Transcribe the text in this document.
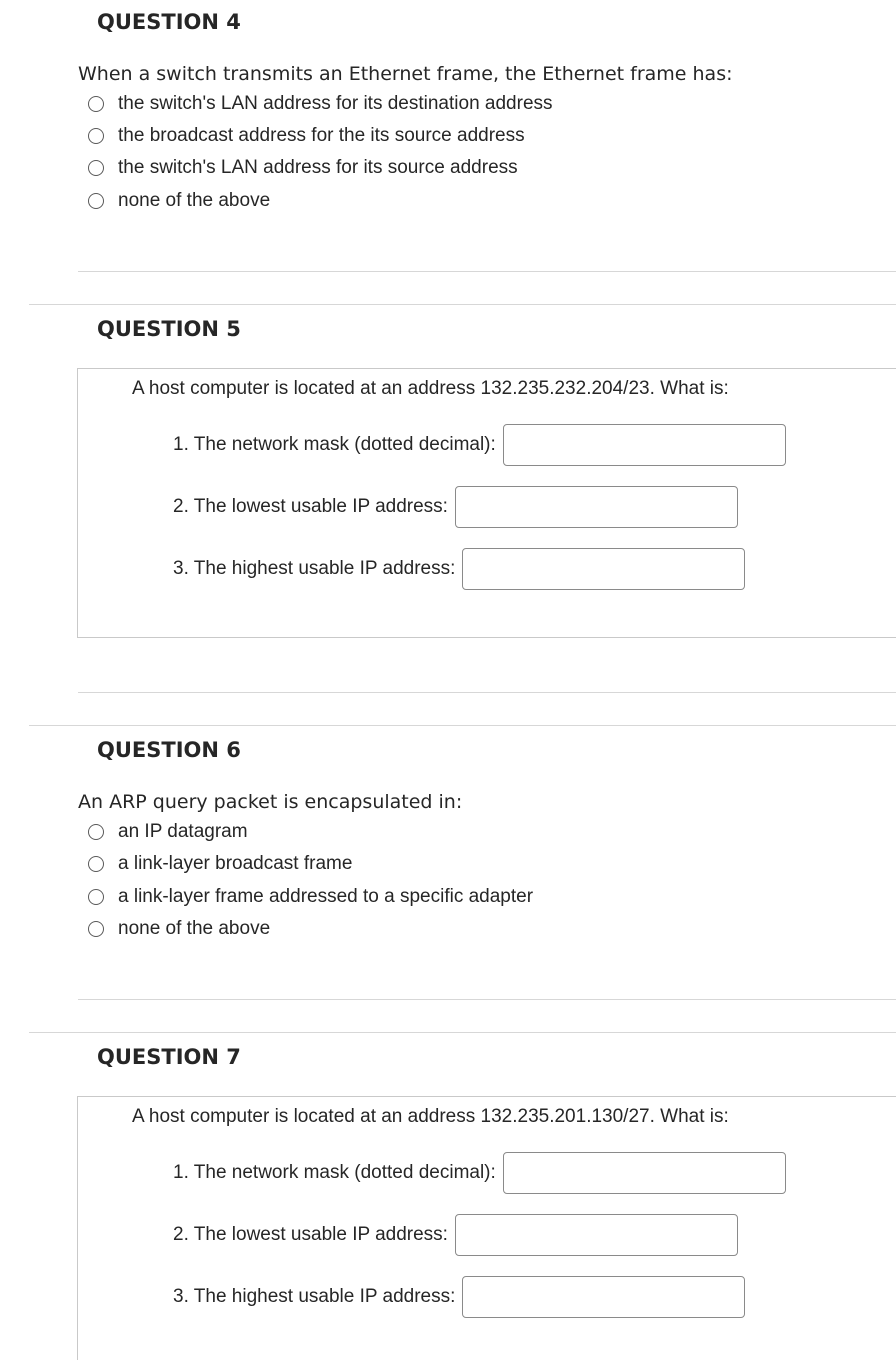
QUESTION 4
When a switch transmits an Ethernet frame, the Ethernet frame has:
the switch's LAN address for its destination address
the broadcast address for the its source address
the switch's LAN address for its source address
none of the above
QUESTION 5
A host computer is located at an address 132.235.232.204/23. What is:
1. The network mask (dotted decimal):
2. The lowest usable IP address:
3. The highest usable IP address:
QUESTION 6
An ARP query packet is encapsulated in:
an IP datagram
a link-layer broadcast frame
a link-layer frame addressed to a specific adapter
none of the above
QUESTION 7
A host computer is located at an address 132.235.201.130/27. What is:
1. The network mask (dotted decimal):
2. The lowest usable IP address:
3. The highest usable IP address:
